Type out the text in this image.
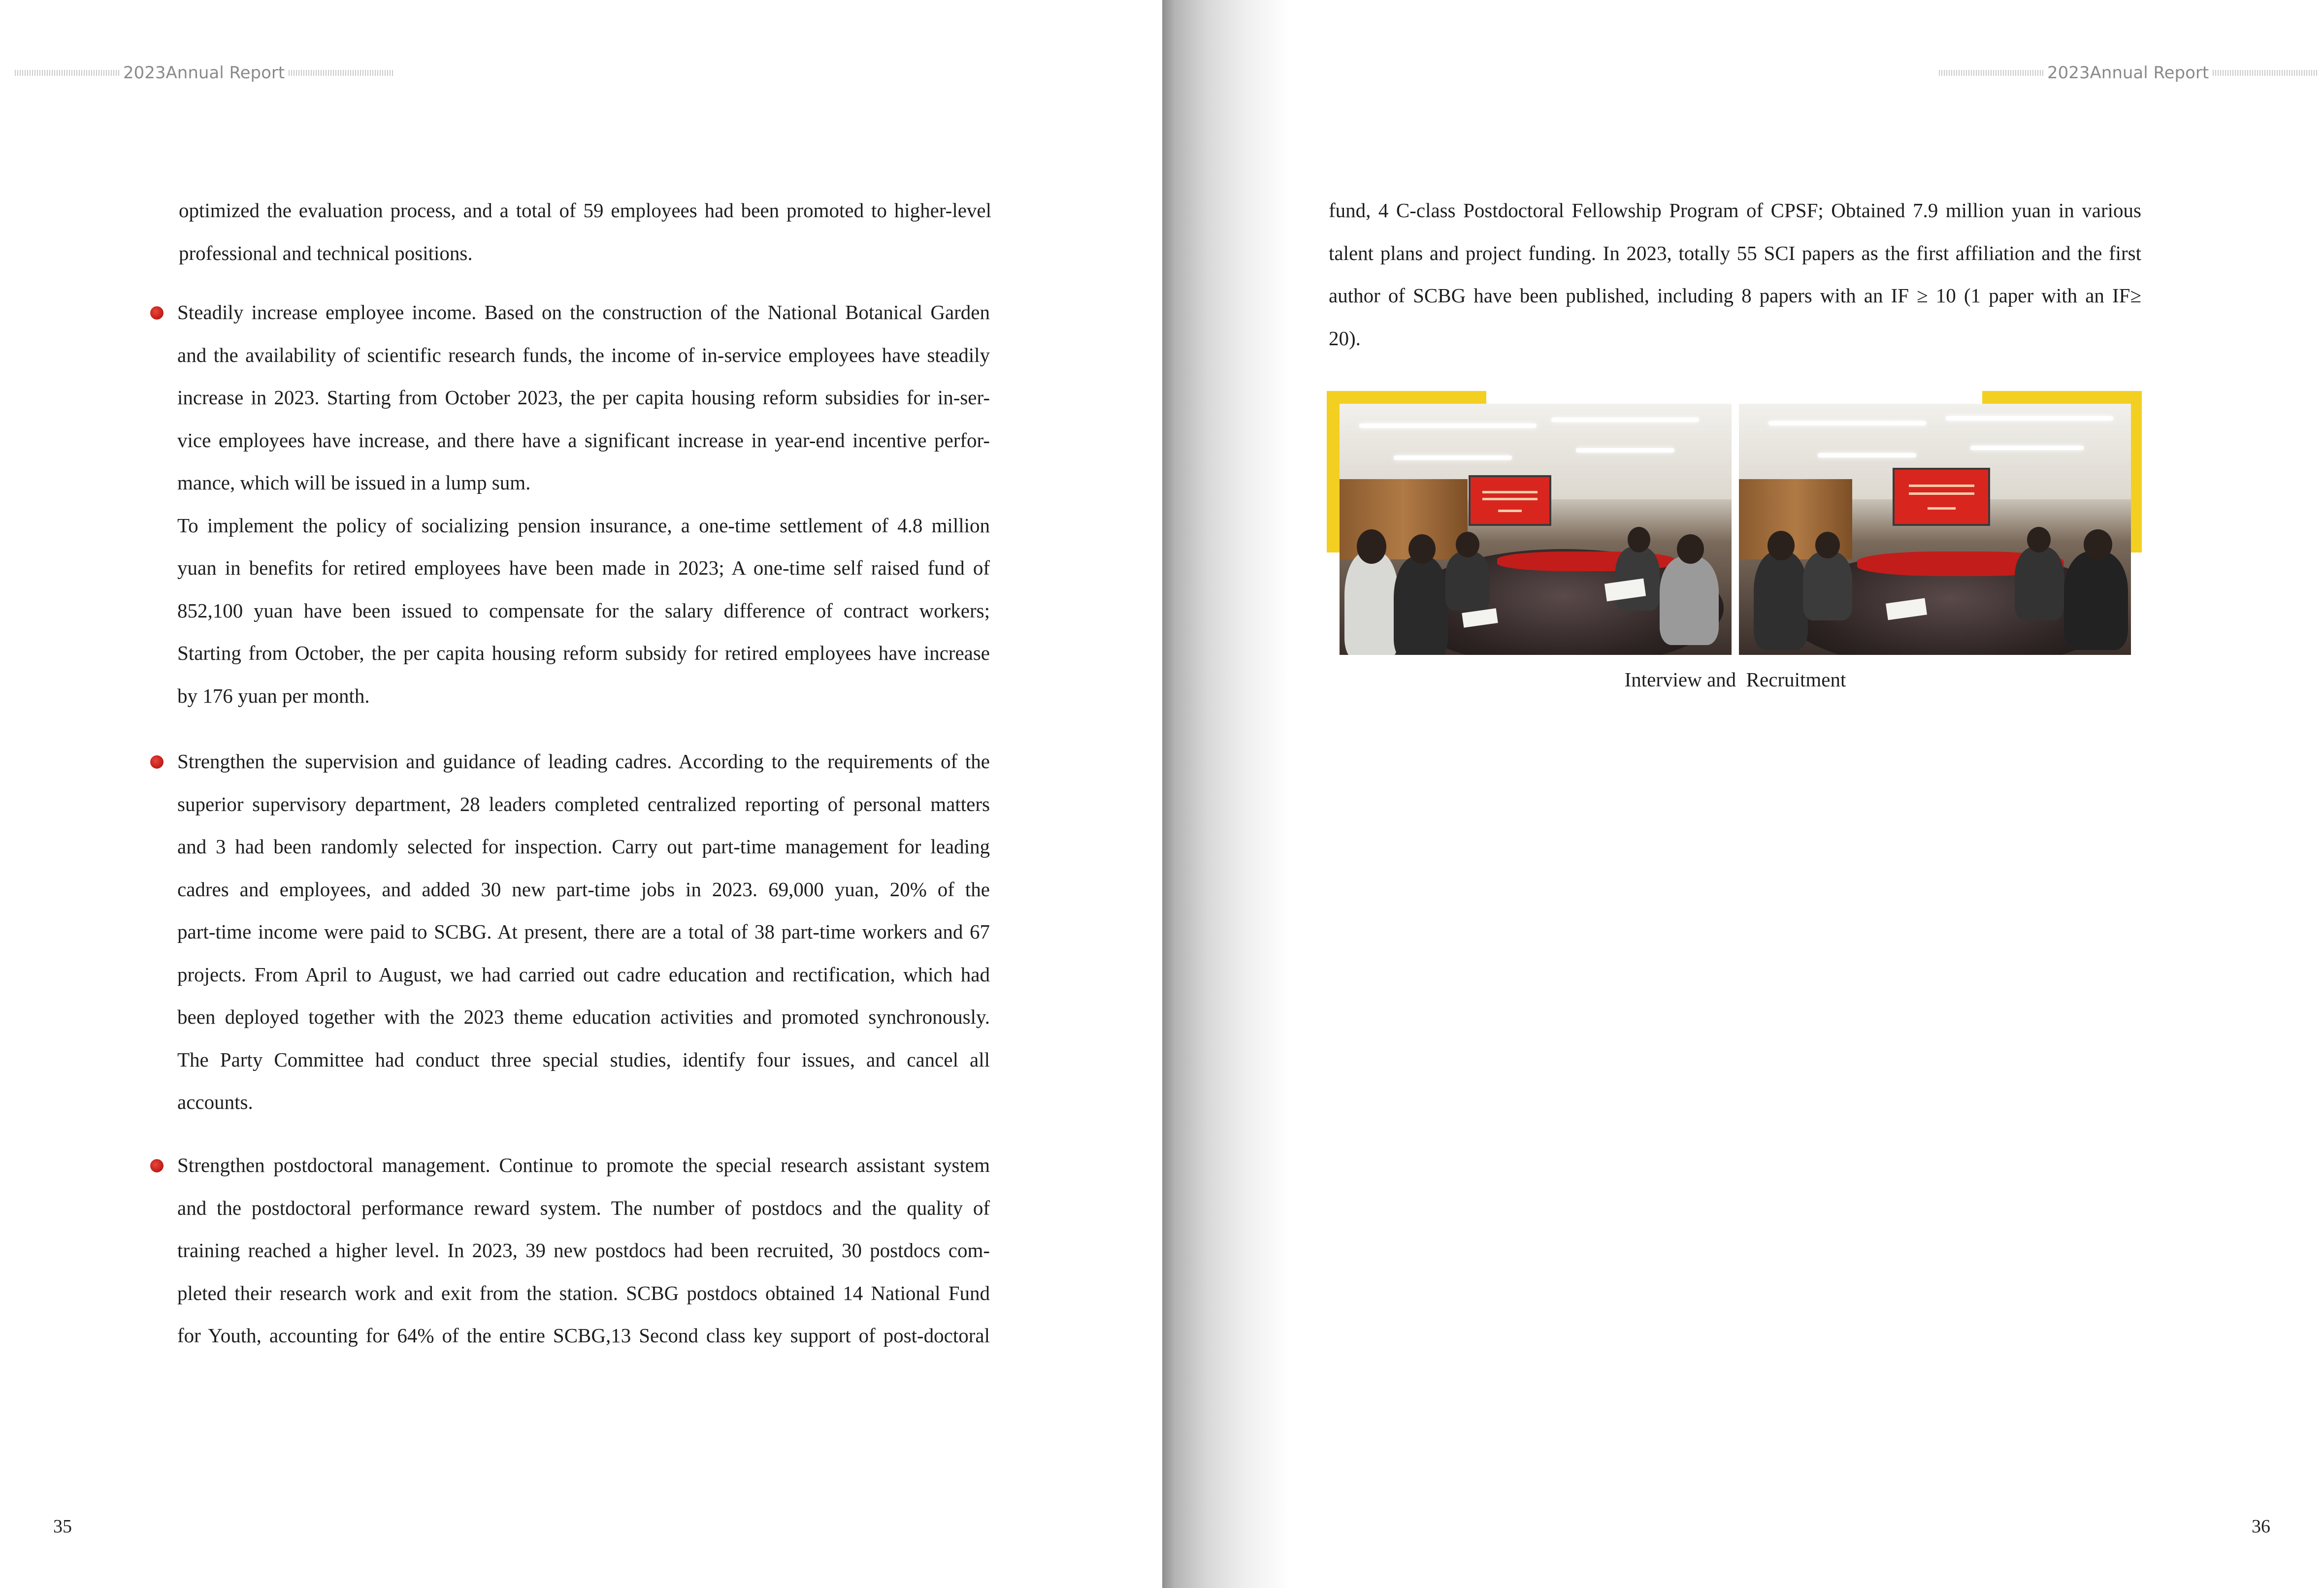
2023Annual Report
optimized the evaluation process, and a total of 59 employees had been promoted to higher-level
professional and technical positions.
Steadily increase employee income. Based on the construction of the National Botanical Garden
and the availability of scientific research funds, the income of in-service employees have steadily
increase in 2023. Starting from October 2023, the per capita housing reform subsidies for in-ser-
vice employees have increase, and there have a significant increase in year-end incentive perfor-
mance, which will be issued in a lump sum.
To implement the policy of socializing pension insurance, a one-time settlement of 4.8 million
yuan in benefits for retired employees have been made in 2023; A one-time self raised fund of
852,100 yuan have been issued to compensate for the salary difference of contract workers;
Starting from October, the per capita housing reform subsidy for retired employees have increase
by 176 yuan per month.
Strengthen the supervision and guidance of leading cadres. According to the requirements of the
superior supervisory department, 28 leaders completed centralized reporting of personal matters
and 3 had been randomly selected for inspection. Carry out part-time management for leading
cadres and employees, and added 30 new part-time jobs in 2023. 69,000 yuan, 20% of the
part-time income were paid to SCBG. At present, there are a total of 38 part-time workers and 67
projects. From April to August, we had carried out cadre education and rectification, which had
been deployed together with the 2023 theme education activities and promoted synchronously.
The Party Committee had conduct three special studies, identify four issues, and cancel all
accounts.
Strengthen postdoctoral management. Continue to promote the special research assistant system
and the postdoctoral performance reward system. The number of postdocs and the quality of
training reached a higher level. In 2023, 39 new postdocs had been recruited, 30 postdocs com-
pleted their research work and exit from the station. SCBG postdocs obtained 14 National Fund
for Youth, accounting for 64% of the entire SCBG,13 Second class key support of post-doctoral
35
2023Annual Report
fund, 4 C-class Postdoctoral Fellowship Program of CPSF; Obtained 7.9 million yuan in various
talent plans and project funding. In 2023, totally 55 SCI papers as the first affiliation and the first
author of SCBG have been published, including 8 papers with an IF ≥ 10 (1 paper with an IF≥
20).
Interview and  Recruitment
36
